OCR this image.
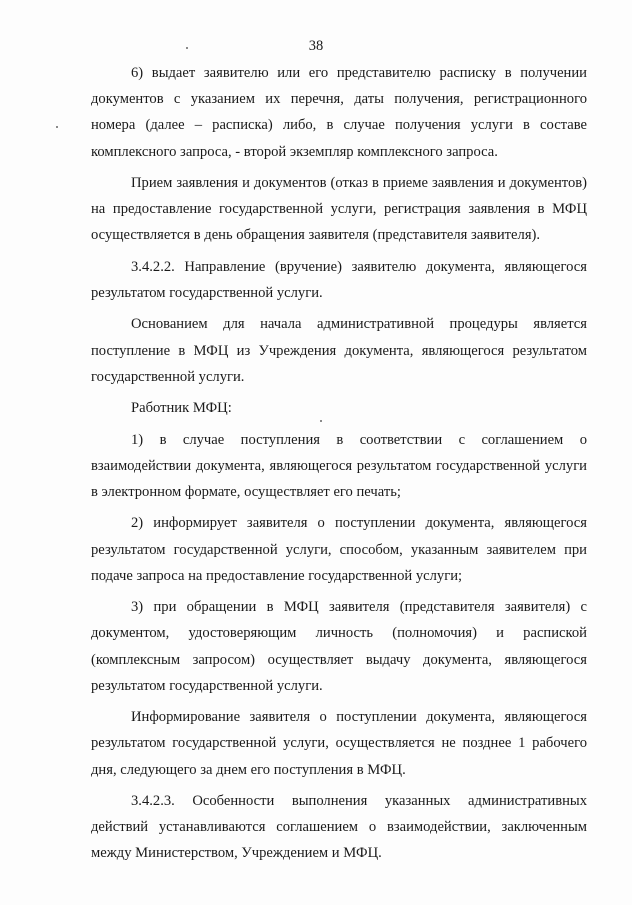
38

6) выдает заявителю или его представителю расписку в получении документов с указанием их перечня, даты получения, регистрационного номера (далее – расписка) либо, в случае получения услуги в составе комплексного запроса, - второй экземпляр комплексного запроса.

Прием заявления и документов (отказ в приеме заявления и документов) на предоставление государственной услуги, регистрация заявления в МФЦ осуществляется в день обращения заявителя (представителя заявителя).

3.4.2.2. Направление (вручение) заявителю документа, являющегося результатом государственной услуги.

Основанием для начала административной процедуры является поступление в МФЦ из Учреждения документа, являющегося результатом государственной услуги.

Работник МФЦ:

1) в случае поступления в соответствии с соглашением о взаимодействии документа, являющегося результатом государственной услуги в электронном формате, осуществляет его печать;

2) информирует заявителя о поступлении документа, являющегося результатом государственной услуги, способом, указанным заявителем при подаче запроса на предоставление государственной услуги;

3) при обращении в МФЦ заявителя (представителя заявителя) с документом, удостоверяющим личность (полномочия) и распиской (комплексным запросом) осуществляет выдачу документа, являющегося результатом государственной услуги.

Информирование заявителя о поступлении документа, являющегося результатом государственной услуги, осуществляется не позднее 1 рабочего дня, следующего за днем его поступления в МФЦ.

3.4.2.3. Особенности выполнения указанных административных действий устанавливаются соглашением о взаимодействии, заключенным между Министерством, Учреждением и МФЦ.
